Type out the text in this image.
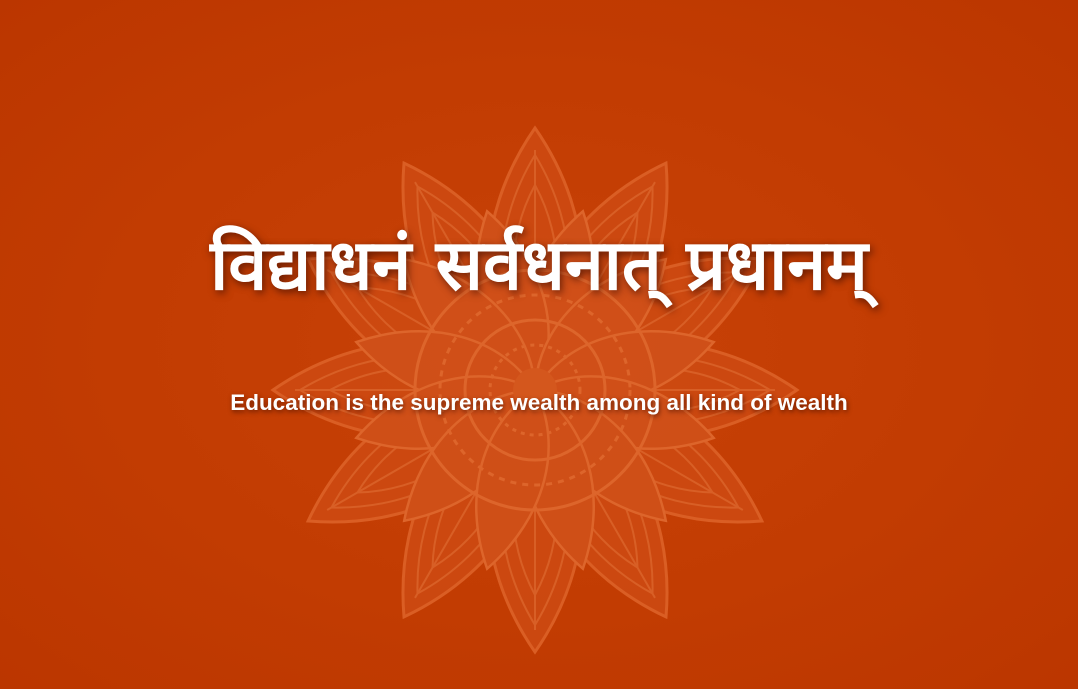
विद्याधनं सर्वधनात् प्रधानम्
Education is the supreme wealth among all kind of wealth
